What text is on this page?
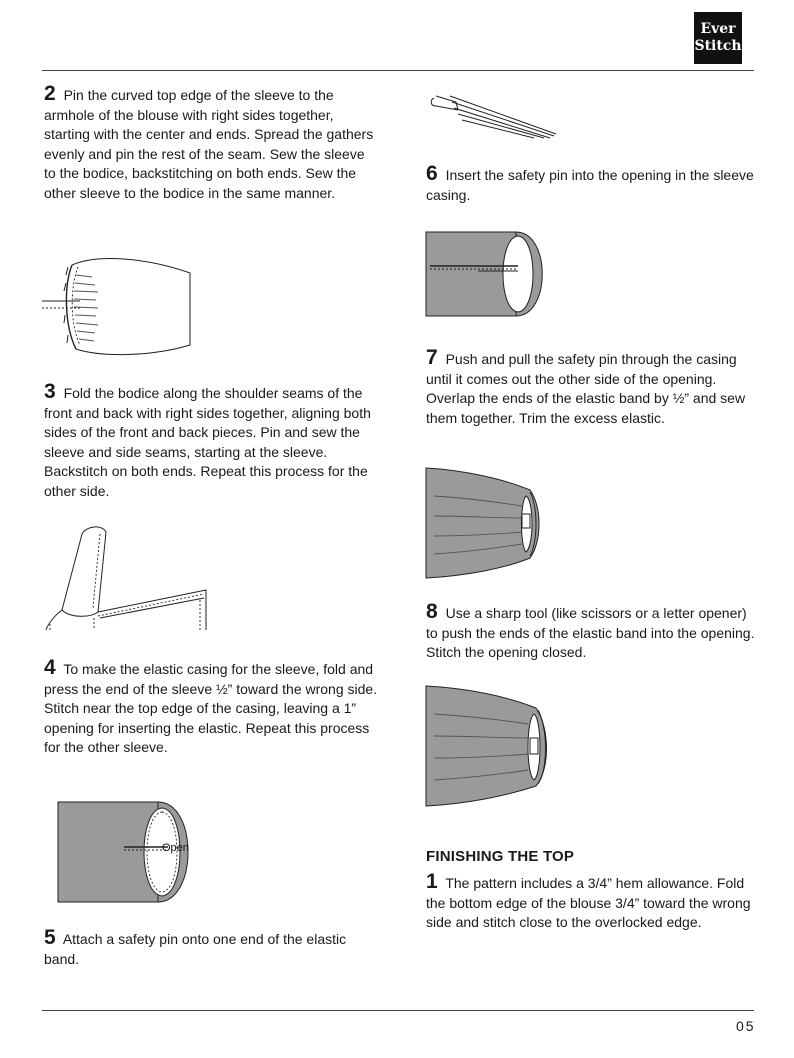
Ever
Stitch
2 Pin the curved top edge of the sleeve to the armhole of the blouse with right sides together, starting with the center and ends. Spread the gathers evenly and pin the rest of the seam. Sew the sleeve to the bodice, backstitching on both ends. Sew the other sleeve to the bodice in the same manner.
3 Fold the bodice along the shoulder seams of the front and back with right sides together, aligning both sides of the front and back pieces. Pin and sew the sleeve and side seams, starting at the sleeve. Backstitch on both ends. Repeat this process for the other side.
4 To make the elastic casing for the sleeve, fold and press the end of the sleeve ½” toward the wrong side. Stitch near the top edge of the casing, leaving a 1” opening for inserting the elastic. Repeat this process for the other sleeve.
Open
5 Attach a safety pin onto one end of the elastic band.
6 Insert the safety pin into the opening in the sleeve casing.
7 Push and pull the safety pin through the casing until it comes out the other side of the opening. Overlap the ends of the elastic band by ½” and sew them together. Trim the excess elastic.
8 Use a sharp tool (like scissors or a letter opener) to push the ends of the elastic band into the opening. Stitch the opening closed.
FINISHING THE TOP
1 The pattern includes a 3/4” hem allowance. Fold the bottom edge of the blouse 3/4” toward the wrong side and stitch close to the overlocked edge.
05
